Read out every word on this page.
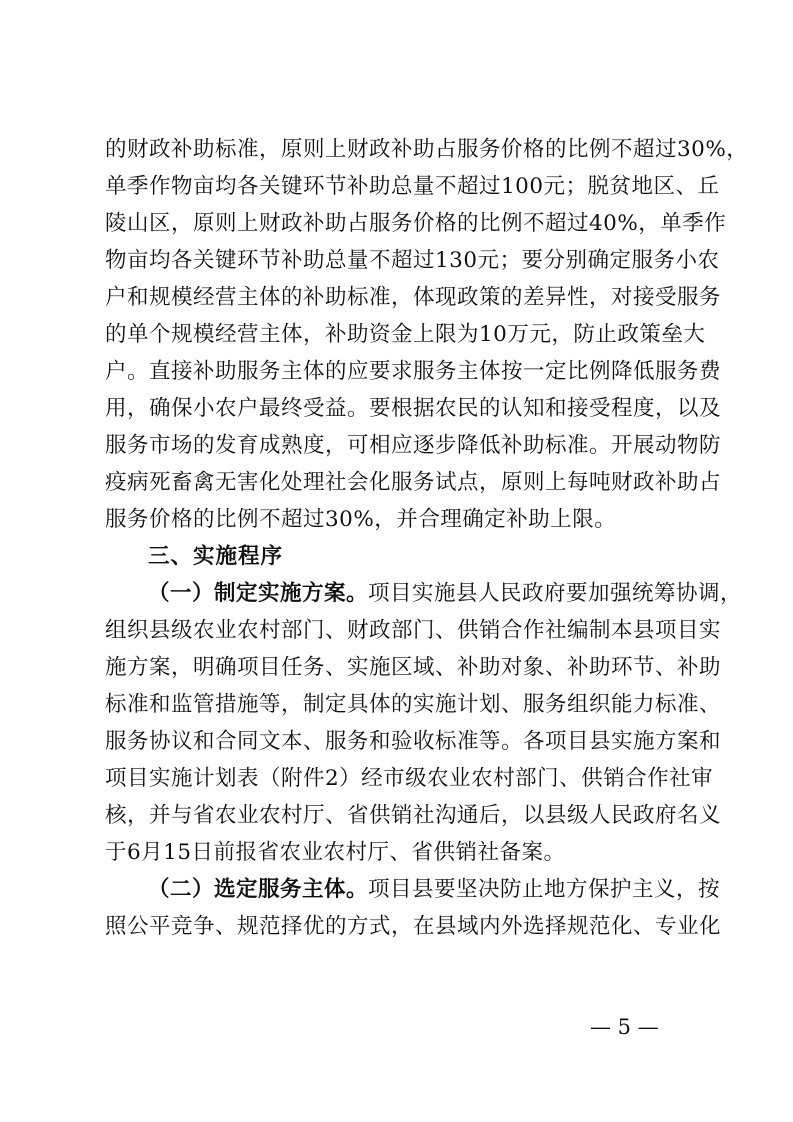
的财政补助标准，原则上财政补助占服务价格的比例不超过30%，
单季作物亩均各关键环节补助总量不超过100元；脱贫地区、丘
陵山区，原则上财政补助占服务价格的比例不超过40%，单季作
物亩均各关键环节补助总量不超过130元；要分别确定服务小农
户和规模经营主体的补助标准，体现政策的差异性，对接受服务
的单个规模经营主体，补助资金上限为10万元，防止政策垒大
户。直接补助服务主体的应要求服务主体按一定比例降低服务费
用，确保小农户最终受益。要根据农民的认知和接受程度，以及
服务市场的发育成熟度，可相应逐步降低补助标准。开展动物防
疫病死畜禽无害化处理社会化服务试点，原则上每吨财政补助占
服务价格的比例不超过30%，并合理确定补助上限。
三、实施程序
（一）制定实施方案。项目实施县人民政府要加强统筹协调，
组织县级农业农村部门、财政部门、供销合作社编制本县项目实
施方案，明确项目任务、实施区域、补助对象、补助环节、补助
标准和监管措施等，制定具体的实施计划、服务组织能力标准、
服务协议和合同文本、服务和验收标准等。各项目县实施方案和
项目实施计划表（附件2）经市级农业农村部门、供销合作社审
核，并与省农业农村厅、省供销社沟通后，以县级人民政府名义
于6月15日前报省农业农村厅、省供销社备案。
（二）选定服务主体。项目县要坚决防止地方保护主义，按
照公平竞争、规范择优的方式，在县域内外选择规范化、专业化
— 5 —
